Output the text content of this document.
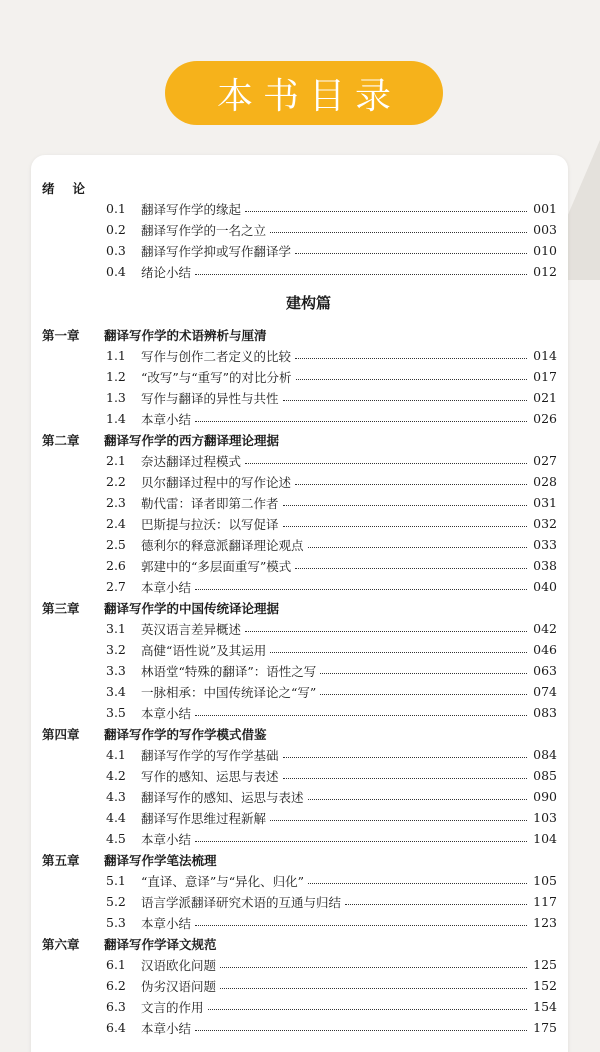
本书目录
绪论
0.1	翻译写作学的缘起	001
0.2	翻译写作学的一名之立	003
0.3	翻译写作学抑或写作翻译学	010
0.4	绪论小结	012
建构篇
第一章	翻译写作学的术语辨析与厘清
1.1	写作与创作二者定义的比较	014
1.2	“改写”与“重写”的对比分析	017
1.3	写作与翻译的异性与共性	021
1.4	本章小结	026
第二章	翻译写作学的西方翻译理论理据
2.1	奈达翻译过程模式	027
2.2	贝尔翻译过程中的写作论述	028
2.3	勒代雷：译者即第二作者	031
2.4	巴斯提与拉沃：以写促译	032
2.5	德利尔的释意派翻译理论观点	033
2.6	郭建中的“多层面重写”模式	038
2.7	本章小结	040
第三章	翻译写作学的中国传统译论理据
3.1	英汉语言差异概述	042
3.2	高健“语性说”及其运用	046
3.3	林语堂“特殊的翻译”：语性之写	063
3.4	一脉相承：中国传统译论之“写”	074
3.5	本章小结	083
第四章	翻译写作学的写作学模式借鉴
4.1	翻译写作学的写作学基础	084
4.2	写作的感知、运思与表述	085
4.3	翻译写作的感知、运思与表述	090
4.4	翻译写作思维过程新解	103
4.5	本章小结	104
第五章	翻译写作学笔法梳理
5.1	“直译、意译”与“异化、归化”	105
5.2	语言学派翻译研究术语的互通与归结	117
5.3	本章小结	123
第六章	翻译写作学译文规范
6.1	汉语欧化问题	125
6.2	伪劣汉语问题	152
6.3	文言的作用	154
6.4	本章小结	175
